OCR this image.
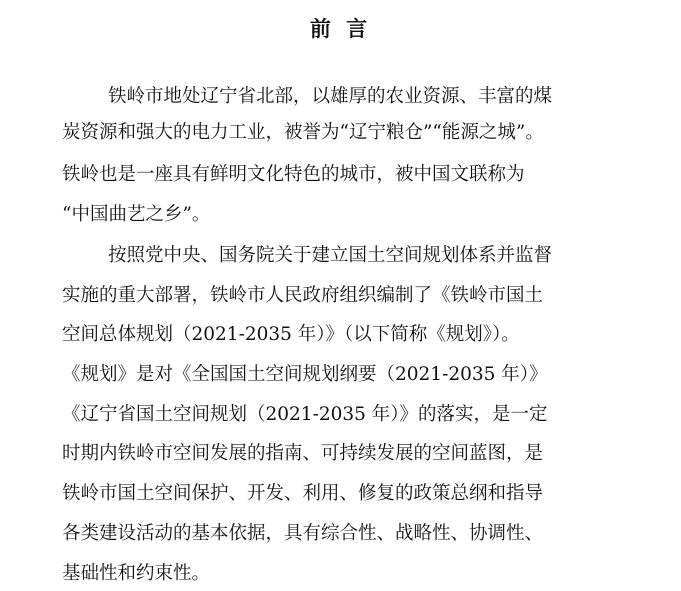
前 言
铁岭市地处辽宁省北部，以雄厚的农业资源、丰富的煤
炭资源和强大的电力工业，被誉为“辽宁粮仓”“能源之城”。
铁岭也是一座具有鲜明文化特色的城市，被中国文联称为
“中国曲艺之乡”。
按照党中央、国务院关于建立国土空间规划体系并监督
实施的重大部署，铁岭市人民政府组织编制了《铁岭市国土
空间总体规划（2021-2035 年）》（以下简称《规划》）。
《规划》是对《全国国土空间规划纲要（2021-2035 年）》
《辽宁省国土空间规划（2021-2035 年）》的落实，是一定
时期内铁岭市空间发展的指南、可持续发展的空间蓝图，是
铁岭市国土空间保护、开发、利用、修复的政策总纲和指导
各类建设活动的基本依据，具有综合性、战略性、协调性、
基础性和约束性。
